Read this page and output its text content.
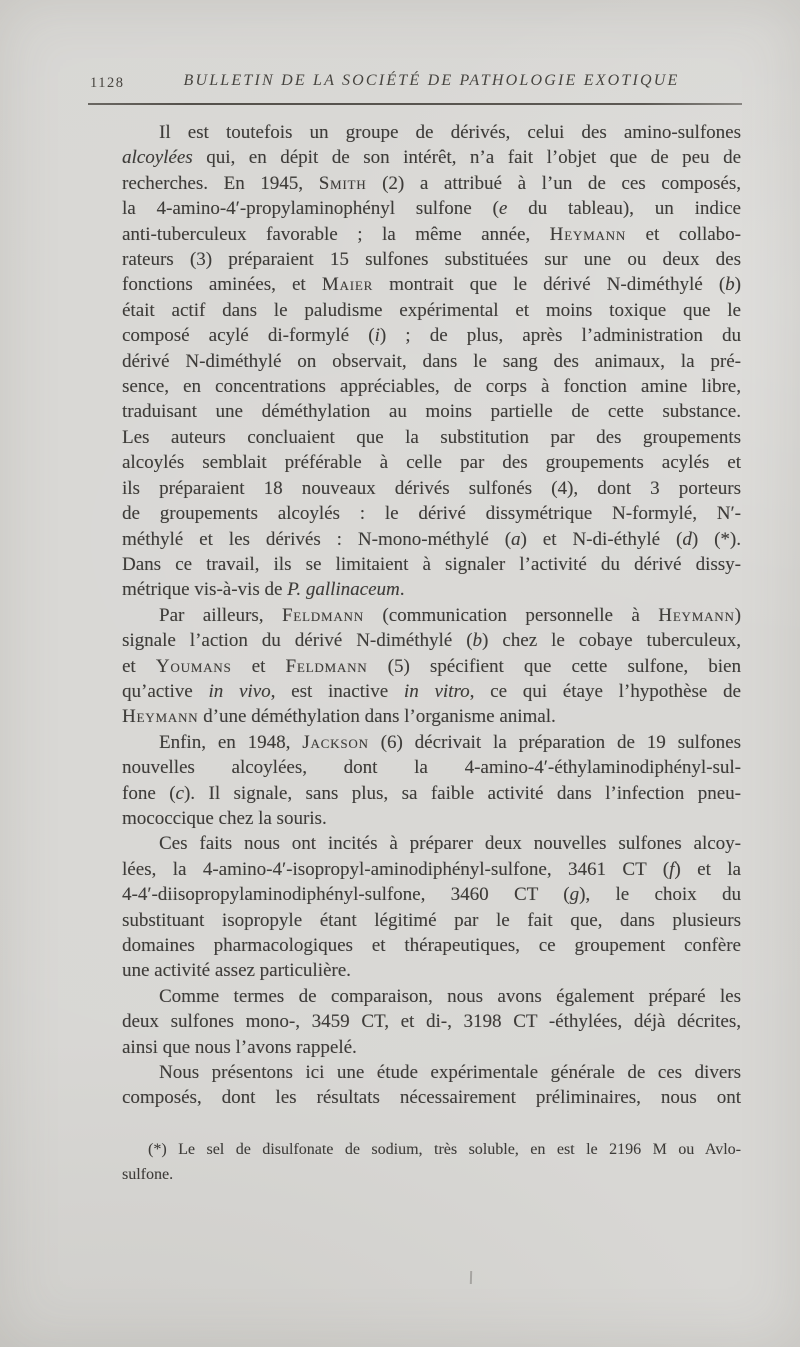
1128	BULLETIN DE LA SOCIÉTÉ DE PATHOLOGIE EXOTIQUE
Il est toutefois un groupe de dérivés, celui des amino-sulfones
alcoylées qui, en dépit de son intérêt, n’a fait l’objet que de peu de
recherches. En 1945, Smith (2) a attribué à l’un de ces composés,
la 4-amino-4′-propylaminophényl sulfone (e du tableau), un indice
anti-tuberculeux favorable ; la même année, Heymann et collabo-
rateurs (3) préparaient 15 sulfones substituées sur une ou deux des
fonctions aminées, et Maier montrait que le dérivé N-diméthylé (b)
était actif dans le paludisme expérimental et moins toxique que le
composé acylé di-formylé (i) ; de plus, après l’administration du
dérivé N-diméthylé on observait, dans le sang des animaux, la pré-
sence, en concentrations appréciables, de corps à fonction amine libre,
traduisant une déméthylation au moins partielle de cette substance.
Les auteurs concluaient que la substitution par des groupements
alcoylés semblait préférable à celle par des groupements acylés et
ils préparaient 18 nouveaux dérivés sulfonés (4), dont 3 porteurs
de groupements alcoylés : le dérivé dissymétrique N-formylé, N′-
méthylé et les dérivés : N-mono-méthylé (a) et N-di-éthylé (d) (*).
Dans ce travail, ils se limitaient à signaler l’activité du dérivé dissy-
métrique vis-à-vis de P. gallinaceum.
Par ailleurs, Feldmann (communication personnelle à Heymann)
signale l’action du dérivé N-diméthylé (b) chez le cobaye tuberculeux,
et Youmans et Feldmann (5) spécifient que cette sulfone, bien
qu’active in vivo, est inactive in vitro, ce qui étaye l’hypothèse de
Heymann d’une déméthylation dans l’organisme animal.
Enfin, en 1948, Jackson (6) décrivait la préparation de 19 sulfones
nouvelles alcoylées, dont la 4-amino-4′-éthylaminodiphényl-sul-
fone (c). Il signale, sans plus, sa faible activité dans l’infection pneu-
mococcique chez la souris.
Ces faits nous ont incités à préparer deux nouvelles sulfones alcoy-
lées, la 4-amino-4′-isopropyl-aminodiphényl-sulfone, 3461 CT (f) et la
4-4′-diisopropylaminodiphényl-sulfone, 3460 CT (g), le choix du
substituant isopropyle étant légitimé par le fait que, dans plusieurs
domaines pharmacologiques et thérapeutiques, ce groupement confère
une activité assez particulière.
Comme termes de comparaison, nous avons également préparé les
deux sulfones mono-, 3459 CT, et di-, 3198 CT -éthylées, déjà décrites,
ainsi que nous l’avons rappelé.
Nous présentons ici une étude expérimentale générale de ces divers
composés, dont les résultats nécessairement préliminaires, nous ont
(*) Le sel de disulfonate de sodium, très soluble, en est le 2196 M ou Avlo-
sulfone.
